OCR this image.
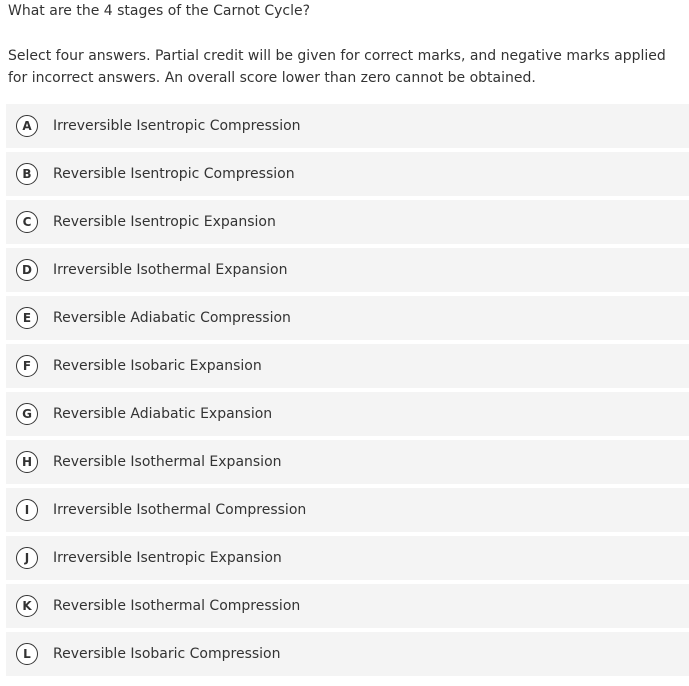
What are the 4 stages of the Carnot Cycle?
Select four answers. Partial credit will be given for correct marks, and negative marks applied for incorrect answers. An overall score lower than zero cannot be obtained.
A	Irreversible Isentropic Compression
B	Reversible Isentropic Compression
C	Reversible Isentropic Expansion
D	Irreversible Isothermal Expansion
E	Reversible Adiabatic Compression
F	Reversible Isobaric Expansion
G	Reversible Adiabatic Expansion
H	Reversible Isothermal Expansion
I	Irreversible Isothermal Compression
J	Irreversible Isentropic Expansion
K	Reversible Isothermal Compression
L	Reversible Isobaric Compression
